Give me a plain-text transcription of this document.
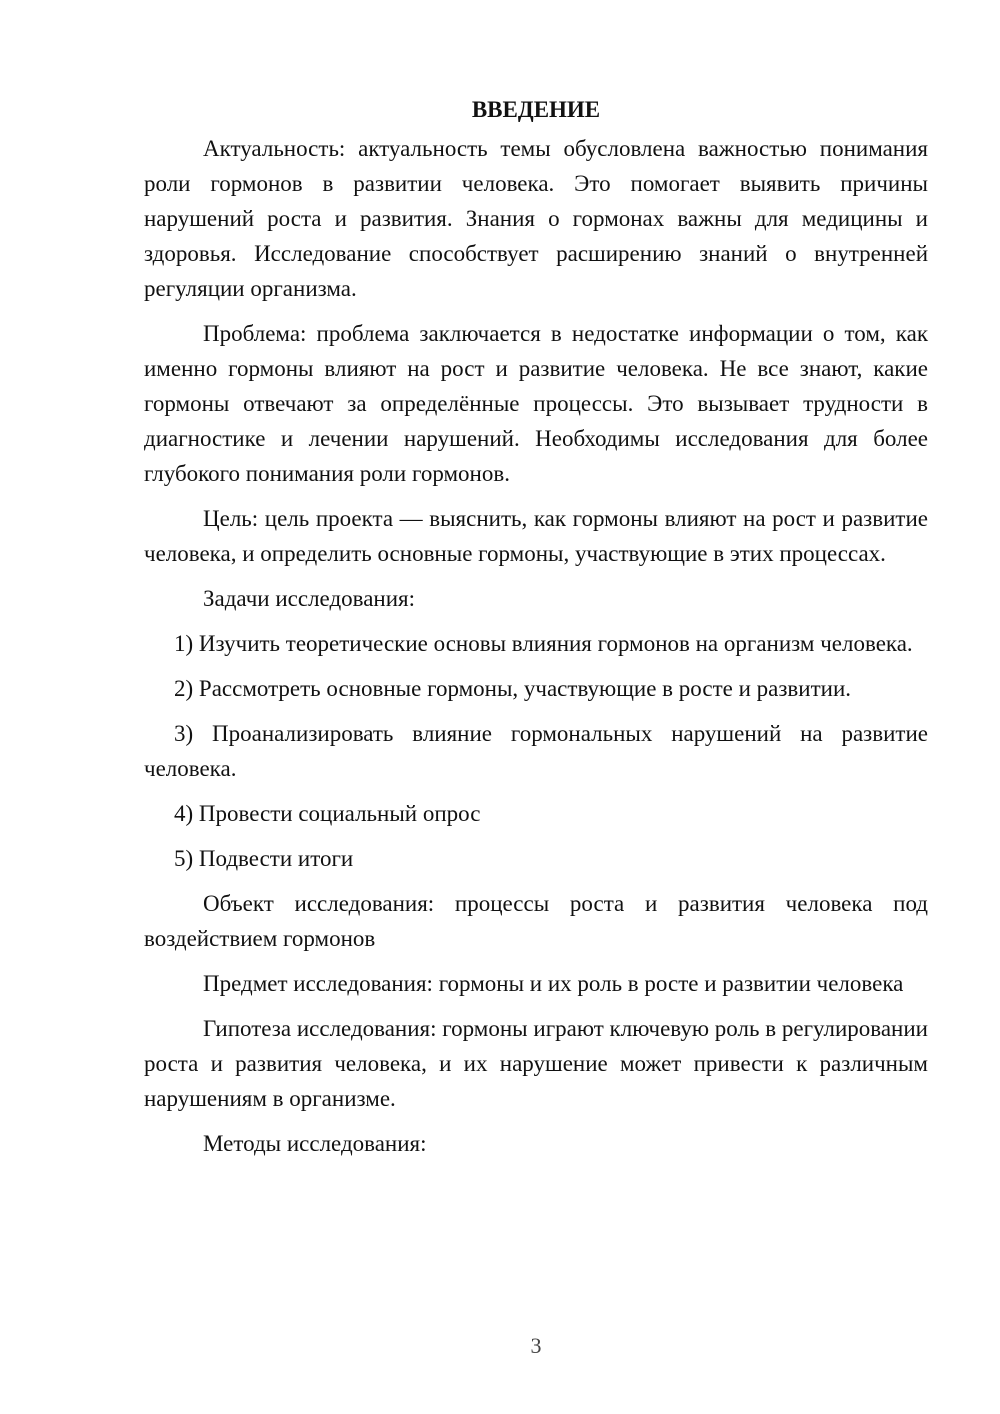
ВВЕДЕНИЕ

Актуальность: актуальность темы обусловлена важностью понимания роли гормонов в развитии человека. Это помогает выявить причины нарушений роста и развития. Знания о гормонах важны для медицины и здоровья. Исследование способствует расширению знаний о внутренней регуляции организма.

Проблема: проблема заключается в недостатке информации о том, как именно гормоны влияют на рост и развитие человека. Не все знают, какие гормоны отвечают за определённые процессы. Это вызывает трудности в диагностике и лечении нарушений. Необходимы исследования для более глубокого понимания роли гормонов.

Цель: цель проекта — выяснить, как гормоны влияют на рост и развитие человека, и определить основные гормоны, участвующие в этих процессах.

Задачи исследования:

1) Изучить теоретические основы влияния гормонов на организм человека.

2) Рассмотреть основные гормоны, участвующие в росте и развитии.

3) Проанализировать влияние гормональных нарушений на развитие человека.

4) Провести социальный опрос

5) Подвести итоги

Объект исследования: процессы роста и развития человека под воздействием гормонов

Предмет исследования: гормоны и их роль в росте и развитии человека

Гипотеза исследования: гормоны играют ключевую роль в регулировании роста и развития человека, и их нарушение может привести к различным нарушениям в организме.

Методы исследования:

3
